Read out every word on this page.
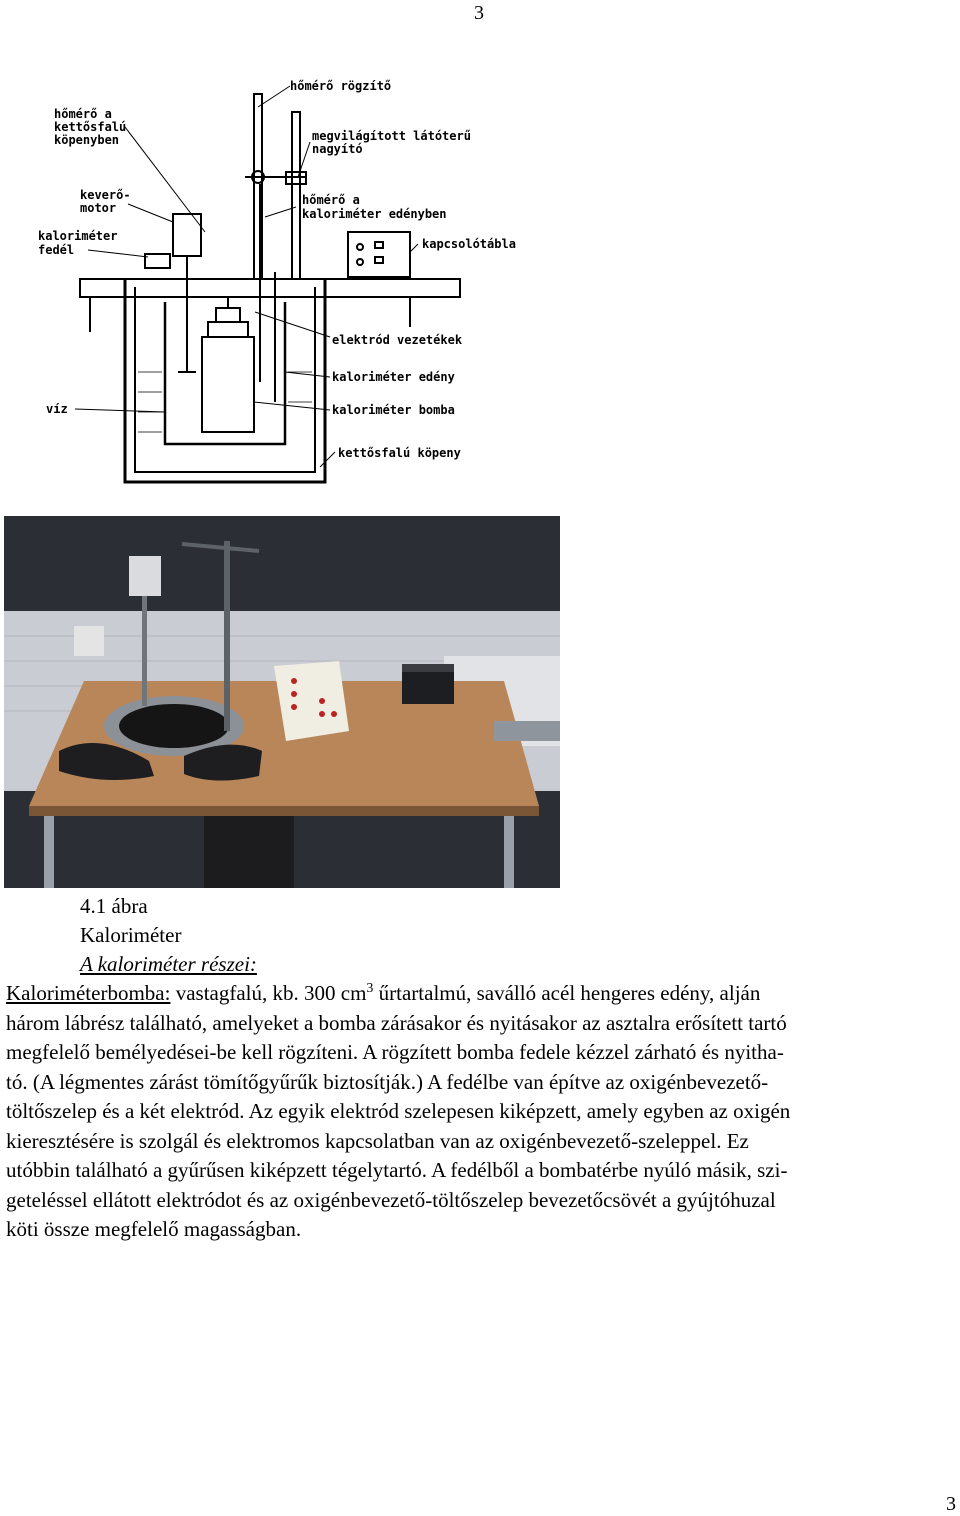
3
hőmérő rögzítő
hőmérő a
kettősfalú
köpenyben	megvilágított látóterű
nagyító
keverő-
motor
hőmérő a
kaloriméter edényben
kaloriméter
fedél	kapcsolótábla
elektród vezetékek
kaloriméter edény
víz	kaloriméter bomba
kettősfalú köpeny
4.1 ábra
Kaloriméter
A kaloriméter részei:
Kaloriméterbomba: vastagfalú, kb. 300 $cm^3$ űrtartalmú, saválló acél hengeres edény, alján
három lábrész található, amelyeket a bomba zárásakor és nyitásakor az asztalra erősített tartó
megfelelő bemélyedései-be kell rögzíteni. A rögzített bomba fedele kézzel zárható és nyitha-
tó. (A légmentes zárást tömítőgyűrűk biztosítják.) A fedélbe van építve az oxigénbevezető-
töltőszelep és a két elektród. Az egyik elektród szelepesen kiképzett, amely egyben az oxigén
kieresztésére is szolgál és elektromos kapcsolatban van az oxigénbevezető-szeleppel. Ez
utóbbin található a gyűrűsen kiképzett tégelytartó. A fedélből a bombatérbe nyúló másik, szi-
geteléssel ellátott elektródot és az oxigénbevezető-töltőszelep bevezetőcsövét a gyújtóhuzal
köti össze megfelelő magasságban.
3
